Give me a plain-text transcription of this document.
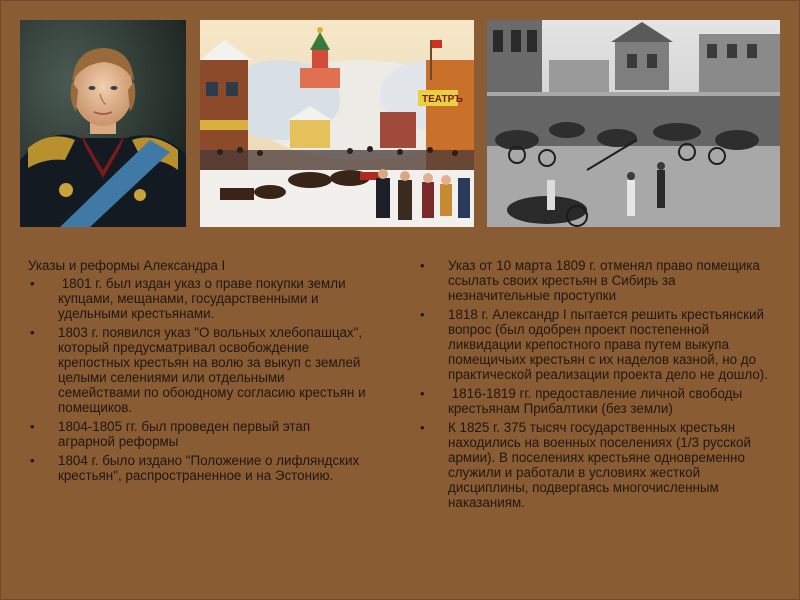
ТЕАТРЪ
Указы и реформы Александра I
• 1801 г. был издан указ о праве покупки земли купцами, мещанами, государственными и удельными крестьянами.
• 1803 г. появился указ "О вольных хлебопашцах", который предусматривал освобождение крепостных крестьян на волю за выкуп с землей целыми селениями или отдельными семействами по обоюдному согласию крестьян и помещиков.
• 1804-1805 гг. был проведен первый этап аграрной реформы
• 1804 г. было издано "Положение о лифляндских крестьян", распространенное и на Эстонию.
• Указ от 10 марта 1809 г. отменял право помещика ссылать своих крестьян в Сибирь за незначительные проступки
• 1818 г. Александр I пытается решить крестьянский вопрос (был одобрен проект постепенной ликвидации крепостного права путем выкупа помещичьих крестьян с их наделов казной, но до практической реализации проекта дело не дошло).
• 1816-1819 гг. предоставление личной свободы крестьянам Прибалтики (без земли)
• К 1825 г. 375 тысяч государственных крестьян находились на военных поселениях (1/3 русской армии). В поселениях крестьяне одновременно служили и работали в условиях жесткой дисциплины, подвергаясь многочисленным наказаниям.
